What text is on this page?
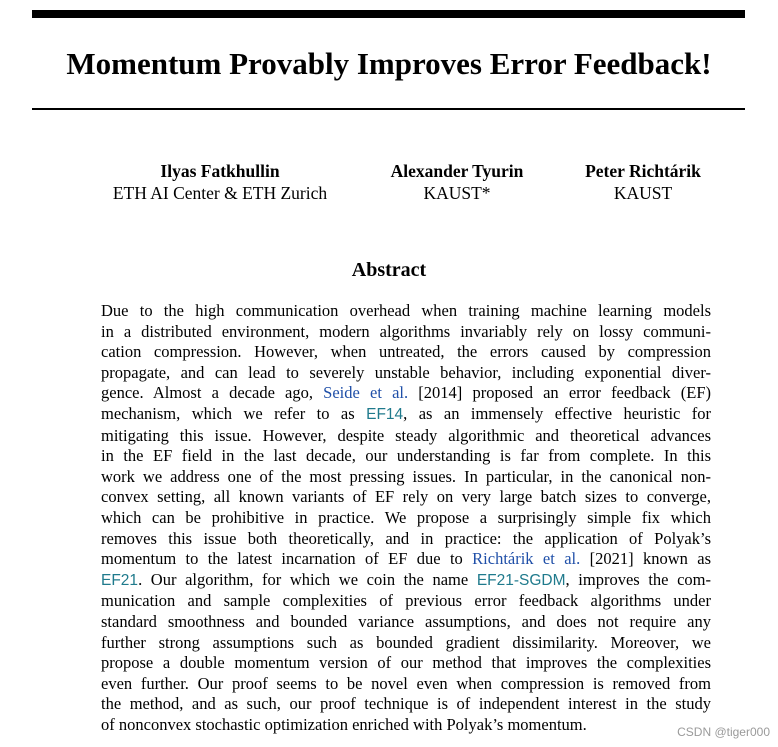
Momentum Provably Improves Error Feedback!
Ilyas Fatkhullin
ETH AI Center & ETH Zurich
Alexander Tyurin
KAUST*
Peter Richtárik
KAUST
Abstract
Due to the high communication overhead when training machine learning models
in a distributed environment, modern algorithms invariably rely on lossy communi-
cation compression. However, when untreated, the errors caused by compression
propagate, and can lead to severely unstable behavior, including exponential diver-
gence. Almost a decade ago, Seide et al. [2014] proposed an error feedback (EF)
mechanism, which we refer to as EF14, as an immensely effective heuristic for
mitigating this issue. However, despite steady algorithmic and theoretical advances
in the EF field in the last decade, our understanding is far from complete. In this
work we address one of the most pressing issues. In particular, in the canonical non-
convex setting, all known variants of EF rely on very large batch sizes to converge,
which can be prohibitive in practice. We propose a surprisingly simple fix which
removes this issue both theoretically, and in practice: the application of Polyak’s
momentum to the latest incarnation of EF due to Richtárik et al. [2021] known as
EF21. Our algorithm, for which we coin the name EF21-SGDM, improves the com-
munication and sample complexities of previous error feedback algorithms under
standard smoothness and bounded variance assumptions, and does not require any
further strong assumptions such as bounded gradient dissimilarity. Moreover, we
propose a double momentum version of our method that improves the complexities
even further. Our proof seems to be novel even when compression is removed from
the method, and as such, our proof technique is of independent interest in the study
of nonconvex stochastic optimization enriched with Polyak’s momentum.	CSDN @tiger000
